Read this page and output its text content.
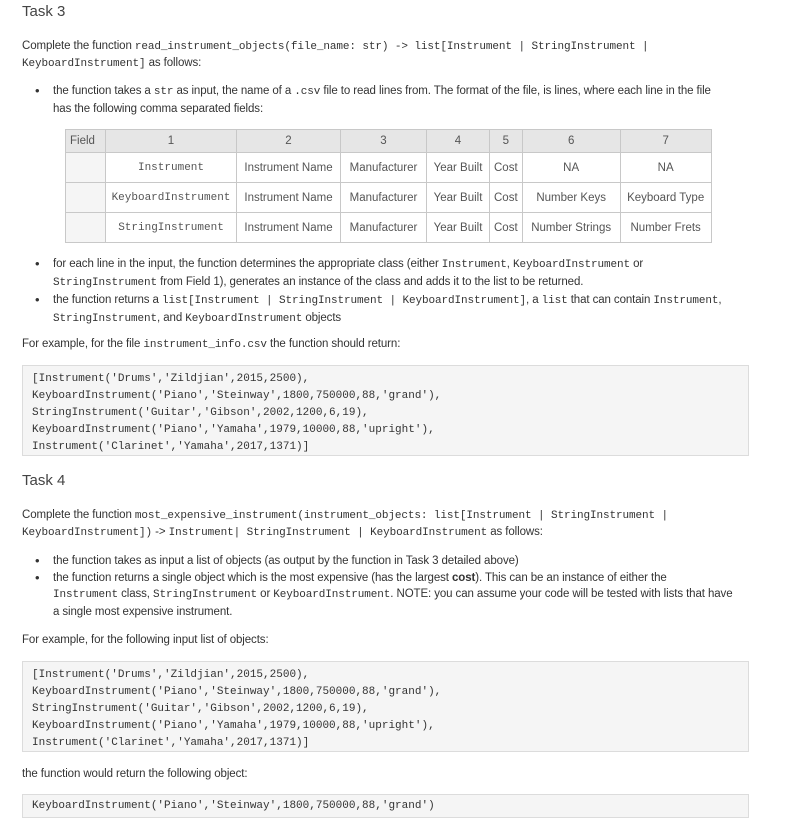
Task 3
Complete the function read_instrument_objects(file_name: str) -> list[Instrument | StringInstrument |
KeyboardInstrument] as follows:
• the function takes a str as input, the name of a .csv file to read lines from. The format of the file, is lines, where each line in the file
has the following comma separated fields:
Field	1	2	3	4	5	6	7
	Instrument	Instrument Name	Manufacturer	Year Built	Cost	NA	NA
	KeyboardInstrument	Instrument Name	Manufacturer	Year Built	Cost	Number Keys	Keyboard Type
	StringInstrument	Instrument Name	Manufacturer	Year Built	Cost	Number Strings	Number Frets
• for each line in the input, the function determines the appropriate class (either Instrument, KeyboardInstrument or
StringInstrument from Field 1), generates an instance of the class and adds it to the list to be returned.
• the function returns a list[Instrument | StringInstrument | KeyboardInstrument], a list that can contain Instrument,
StringInstrument, and KeyboardInstrument objects
For example, for the file instrument_info.csv the function should return:
[Instrument('Drums','Zildjian',2015,2500),
KeyboardInstrument('Piano','Steinway',1800,750000,88,'grand'),
StringInstrument('Guitar','Gibson',2002,1200,6,19),
KeyboardInstrument('Piano','Yamaha',1979,10000,88,'upright'),
Instrument('Clarinet','Yamaha',2017,1371)]
Task 4
Complete the function most_expensive_instrument(instrument_objects: list[Instrument | StringInstrument |
KeyboardInstrument]) -> Instrument| StringInstrument | KeyboardInstrument as follows:
• the function takes as input a list of objects (as output by the function in Task 3 detailed above)
• the function returns a single object which is the most expensive (has the largest cost). This can be an instance of either the
Instrument class, StringInstrument or KeyboardInstrument. NOTE: you can assume your code will be tested with lists that have
a single most expensive instrument.
For example, for the following input list of objects:
[Instrument('Drums','Zildjian',2015,2500),
KeyboardInstrument('Piano','Steinway',1800,750000,88,'grand'),
StringInstrument('Guitar','Gibson',2002,1200,6,19),
KeyboardInstrument('Piano','Yamaha',1979,10000,88,'upright'),
Instrument('Clarinet','Yamaha',2017,1371)]
the function would return the following object:
KeyboardInstrument('Piano','Steinway',1800,750000,88,'grand')
